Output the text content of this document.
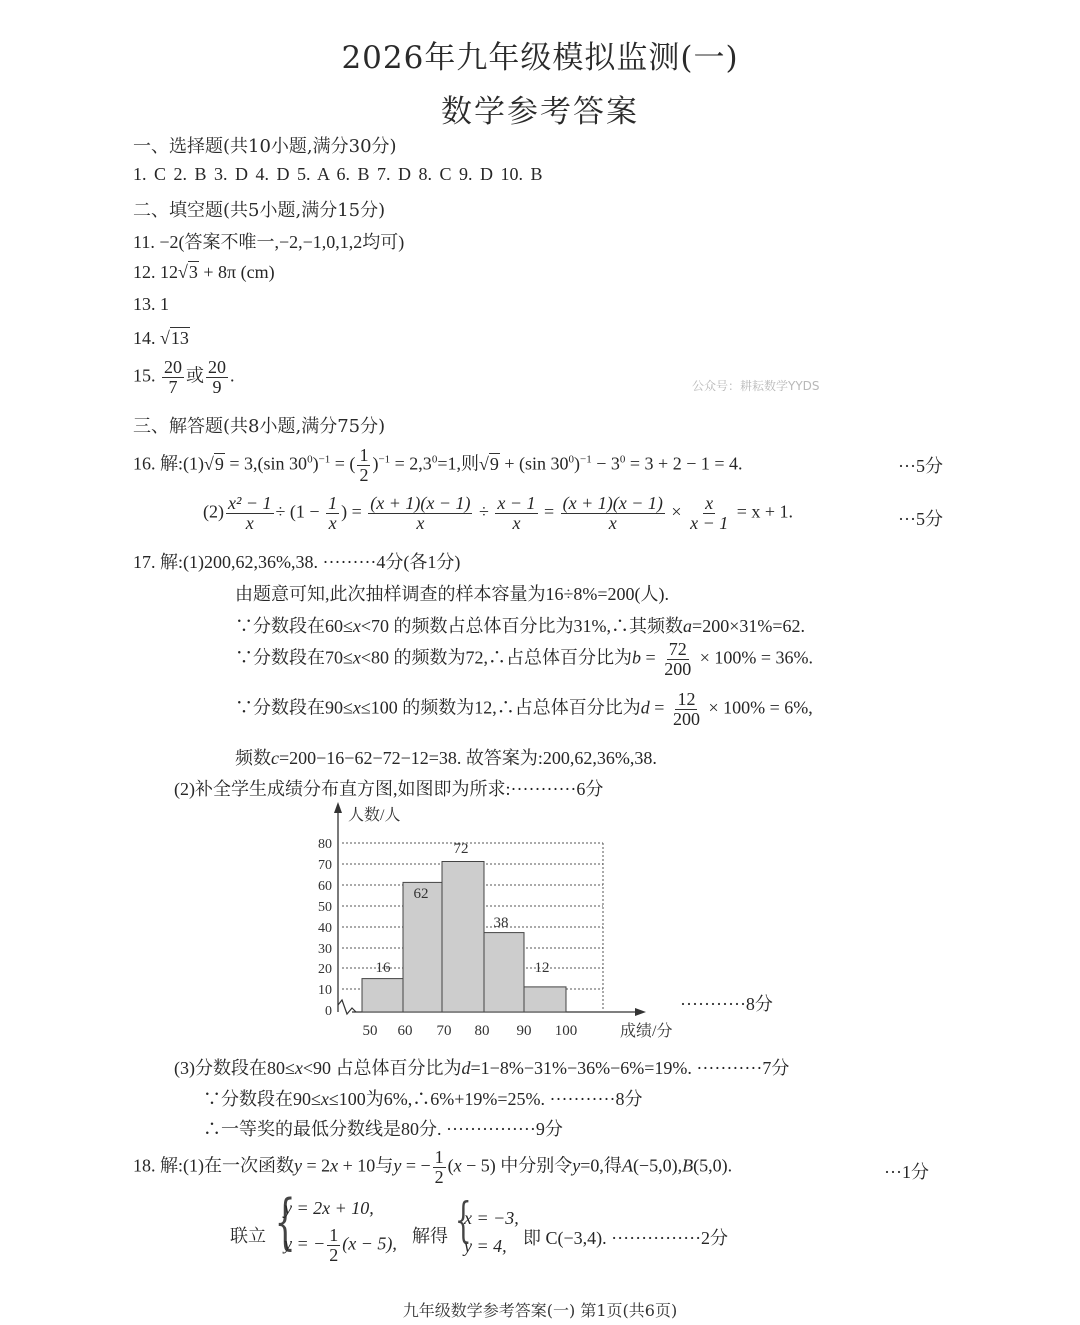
2026年九年级模拟监测(一)
数学参考答案
一、选择题(共10小题,满分30分)
1. C 2. B 3. D 4. D 5. A 6. B 7. D 8. C 9. D 10. B
二、填空题(共5小题,满分15分)
11. −2(答案不唯一,−2,−1,0,1,2均可)
12. 12√3 + 8π (cm)
13. 1
14. √13
15. $\frac{20}{7}$ 或 $\frac{20}{9}$ .
公众号：耕耘数学YYDS
三、解答题(共8小题,满分75分)
16. 解:(1)√9 = 3,(sin $30^0)^{-1}$ = ( $\frac{1}{2} )^{-1} = 2,3^0=1$,则√9 + (sin $30^0)^{-1} - 3^0 = 3 + 2 - 1 = 4$.	···5分
$(2) \frac{\text{x² − 1}}{x} \div (1 - \frac{1}{x}$ ) = $\frac{(x + 1)(x - 1)}{x} \div \frac{x - 1}{x} = \frac{(x + 1)(x - 1)}{x} \times \frac{x}{x - 1} = x + 1$.	···5分
17. 解:(1)200,62,36%,38. ·········4分(各1分)
由题意可知,此次抽样调查的样本容量为16÷8%=200(人).
∵分数段在60≤x<70 的频数占总体百分比为31%,∴其频数a=200×31%=62.
∵分数段在70≤x<80 的频数为72,∴占总体百分比为$b = \frac{72}{200} \times 100\% = 36\%$.
∵分数段在90≤x≤100 的频数为12,∴占总体百分比为$d = \frac{12}{200} \times 100\% = 6\%$,
频数c=200−16−62−72−12=38. 故答案为:200,62,36%,38.
(2)补全学生成绩分布直方图,如图即为所求:···········6分
人数/人
成绩/分
0
10
20
30
40
50
60
70
80
16
62
72
38
12
50 60 70 80 90 100
···········8分
(3)分数段在80≤x<90 占总体百分比为d=1−8%−31%−36%−6%=19%. ···········7分
∵分数段在90≤x≤100为6%,∴6%+19%=25%. ···········8分
∴一等奖的最低分数线是80分. ···············9分
18. 解:(1)在一次函数y = 2x + 10与y = − $\frac{1}{2} (x - 5)$ 中分别令y=0,得A(−5,0),B(5,0).	···1分
联立 {
y = 2x + 10,
y = − $\frac{1}{2} (x - 5)$, 解得 {
x = −3,
y = 4, 即 C(−3,4). ···············2分
九年级数学参考答案(一) 第1页(共6页)
